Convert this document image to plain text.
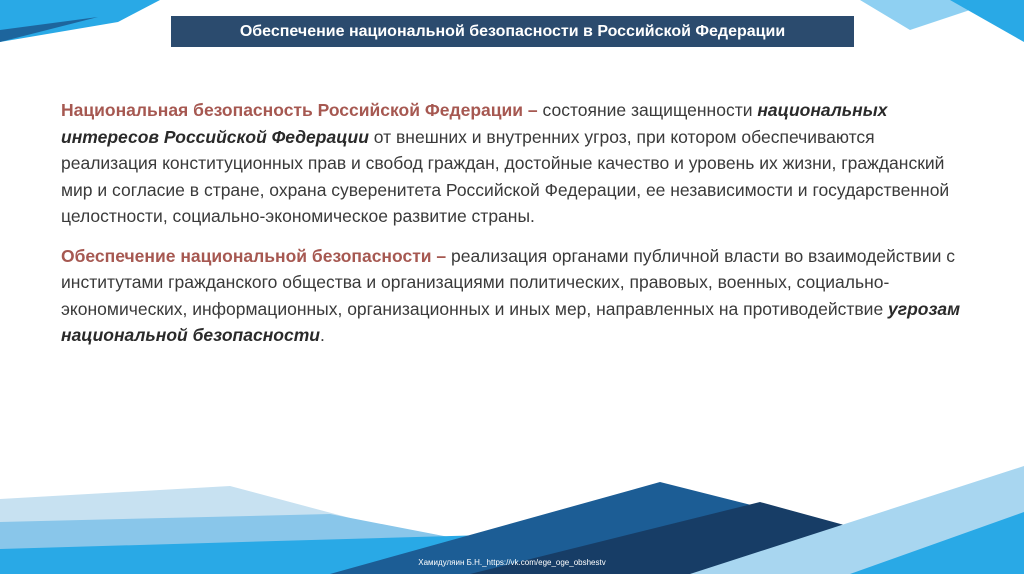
Обеспечение национальной безопасности в Российской Федерации

Национальная безопасность Российской Федерации – состояние защищенности национальных интересов Российской Федерации от внешних и внутренних угроз, при котором обеспечиваются реализация конституционных прав и свобод граждан, достойные качество и уровень их жизни, гражданский мир и согласие в стране, охрана суверенитета Российской Федерации, ее независимости и государственной целостности, социально-экономическое развитие страны.

Обеспечение национальной безопасности – реализация органами публичной власти во взаимодействии с институтами гражданского общества и организациями политических, правовых, военных, социально-экономических, информационных, организационных и иных мер, направленных на противодействие угрозам национальной безопасности.

Хамидуляин Б.Н._https://vk.com/ege_oge_obshestv
